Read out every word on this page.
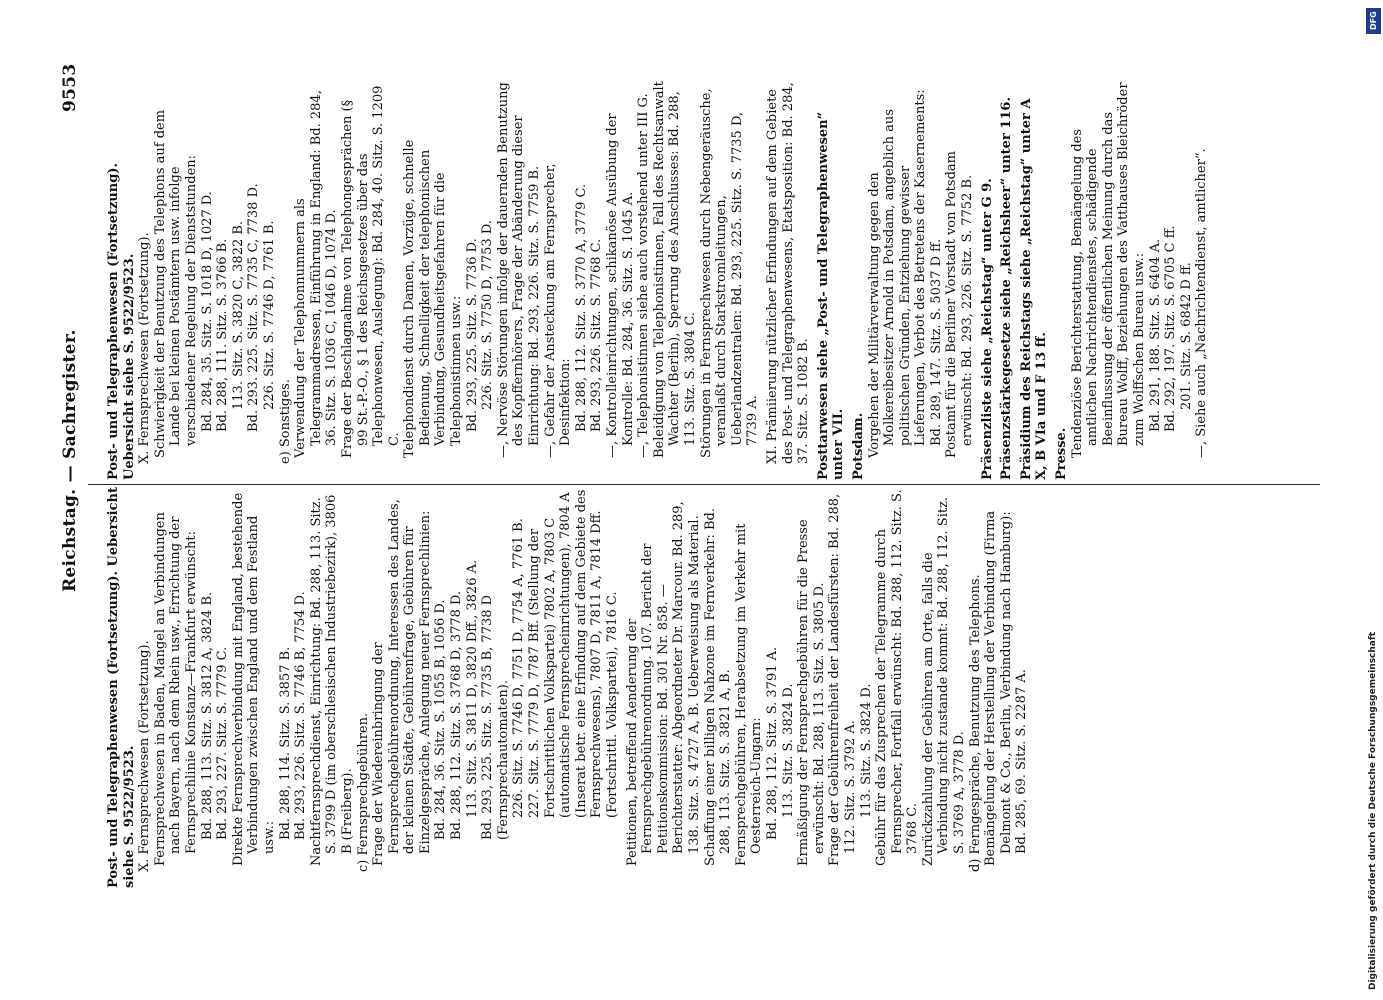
Reichstag. — Sachregister.
9553
Post- und Telegraphenwesen (Fortsetzung). Uebersicht siehe S. 9522/9523. X. Fernsprechwesen (Fortsetzung). Fernsprechwesen in Baden, Mangel an Verbindungen nach Bayern, nach dem Rhein usw., Errichtung der Fernsprechlinie Konstanz—Frankfurt erwünscht: Bd. 288, 113. Sitz. S. 3812 A, 3824 B. Bd. 293, 227. Sitz. S. 7779 C. Direkte Fernsprechverbindung mit England, bestehende Verbindungen zwischen England und dem Festland usw.: Bd. 288, 114. Sitz. S. 3857 B. Bd. 293, 226. Sitz. S. 7746 B, 7754 D. Nachtfernsprechdienst, Einrichtung: Bd. 288, 113. Sitz. S. 3799 D (im oberschlesischen Industriebezirk), 3806 B (Freiberg). c) Fernsprechgebühren. Frage der Wiedereinbringung der Fernsprechgebührenordnung, Interessen des Landes, der kleinen Städte, Gebührenfrage, Gebühren für Einzelgespräche, Anlegung neuer Fernsprechlinien: Bd. 284, 36. Sitz. S. 1055 B, 1056 D. Bd. 288, 112. Sitz. S. 3768 D, 3778 D. 113. Sitz. S. 3811 D, 3820 Dff., 3826 A. Bd. 293, 225. Sitz. S. 7735 B, 7738 D (Fernsprechautomaten). 226. Sitz. S. 7746 D, 7751 D, 7754 A, 7761 B. 227. Sitz. S. 7779 D, 7787 Bff. (Stellung der Fortschrittlichen Volkspartei) 7802 A, 7803 C (automatische Fernsprecheinrichtungen), 7804 A (Inserat betr. eine Erfindung auf dem Gebiete des Fernsprechwesens), 7807 D, 7811 A, 7814 Dff. (Fortschrittl. Volkspartei), 7816 C. Petitionen, betreffend Aenderung der Fernsprechgebührenordnung. 107. Bericht der Petitionskommission: Bd. 301 Nr. 858. — Berichterstatter: Abgeordneter Dr. Marcour. Bd. 289, 138. Sitz. S. 4727 A, B. Ueberweisung als Material. Schaffung einer billigen Nahzone im Fernverkehr: Bd. 288, 113. Sitz. S. 3821 A, B. Fernsprechgebühren, Herabsetzung im Verkehr mit Oesterreich-Ungarn: Bd. 288, 112. Sitz. S. 3791 A. 113. Sitz. S. 3824 D. Ermäßigung der Fernsprechgebühren für die Presse erwünscht: Bd. 288, 113. Sitz. S. 3805 D. Frage der Gebührenfreiheit der Landesfürsten: Bd. 288, 112. Sitz. S. 3792 A. 113. Sitz. S. 3824 D. Gebühr für das Zusprechen der Telegramme durch Fernsprecher, Fortfall erwünscht: Bd. 288, 112. Sitz. S. 3768 C. Zurückzahlung der Gebühren am Orte, falls die Verbindung nicht zustande kommt: Bd. 288, 112. Sitz. S. 3769 A, 3778 D. d) Ferngespräche, Benutzung des Telephons. Bemängelung der Herstellung der Verbindung (Firma Delmont & Co., Berlin, Verbindung nach Hamburg): Bd. 285, 69. Sitz. S. 2287 A.
Post- und Telegraphenwesen (Fortsetzung). Uebersicht siehe S. 9522/9523. X. Fernsprechwesen (Fortsetzung). Schwierigkeit der Benutzung des Telephons auf dem Lande bei kleinen Postämtern usw. infolge verschiedener Regelung der Dienststunden: Bd. 284, 35. Sitz. S. 1018 D, 1027 D. Bd. 288, 111. Sitz. S. 3766 B. 113. Sitz. S. 3820 C, 3822 B. Bd. 293. 225. Sitz. S. 7735 C, 7738 D. 226. Sitz. S. 7746 D, 7761 B.
e) Sonstiges. Verwendung der Telephonnummern als Telegrammadressen, Einführung in England: Bd. 284, 36. Sitz. S. 1036 C, 1046 D, 1074 D. Frage der Beschlagnahme von Telephongesprächen (§ 99 St.-P.-O., § 1 des Reichsgesetzes über das Telephonwesen, Auslegung): Bd. 284, 40. Sitz. S. 1209 C. Telephondienst durch Damen, Vorzüge, schnelle Bedienung, Schnelligkeit der telephonischen Verbindung, Gesundheitsgefahren für die Telephonistinnen usw.: Bd. 293, 225. Sitz. S. 7736 D. 226. Sitz. S. 7750 D, 7753 D. —, Nervöse Störungen infolge der dauernden Benutzung des Kopffernhörers, Frage der Abänderung dieser Einrichtung: Bd. 293, 226. Sitz. S. 7759 B. —, Gefahr der Ansteckung am Fernsprecher, Desinfektion: Bd. 288, 112. Sitz. S. 3770 A, 3779 C. Bd. 293, 226. Sitz. S. 7768 C. —, Kontrolleinrichtungen, schikanöse Ausübung der Kontrolle: Bd. 284, 36. Sitz. S. 1045 A. —, Telephonistinnen siehe auch vorstehend unter III G. Beleidigung von Telephonistinnen, Fall des Rechtsanwalt Wachter (Berlin), Sperrung des Anschlusses: Bd. 288, 113. Sitz. S. 3804 C. Störungen in Fernsprechwesen durch Nebengeräusche, veranlaßt durch Starkstromleitungen, Ueberlandzentralen: Bd. 293, 225. Sitz. S. 7735 D, 7739 A. XI. Prämiierung nützlicher Erfindungen auf dem Gebiete des Post- und Telegraphenwesens, Etatsposition: Bd. 284, 37. Sitz. S. 1082 B. Posttarwesen siehe „Post- und Telegraphenwesen“ unter VII. Potsdam. Vorgehen der Militärverwaltung gegen den Molkereibesitzer Arnold in Potsdam, angeblich aus politischen Gründen, Entziehung gewisser Lieferungen, Verbot des Betretens der Kasernements: Bd. 289, 147. Sitz. S. 5037 D ff. Postamt für die Berliner Vorstadt von Potsdam erwünscht: Bd. 293, 226. Sitz. S. 7752 B. Präsenzliste siehe „Reichstag“ unter G 9. Präsenzstärkegesetze siehe „Reichsheer“ unter 116. Präsidium des Reichstags siehe „Reichstag“ unter A X, B VIa und F 13 ff. Presse. Tendenziöse Berichterstattung, Bemängelung des amtlichen Nachrichtendienstes, schädigende Beeinflussung der öffentlichen Meinung durch das Bureau Wolff, Beziehungen des Vatthauses Bleichröder zum Wolffschen Bureau usw.: Bd. 291, 188. Sitz. S. 6404 A. Bd. 292, 197. Sitz. S. 6705 C ff. 201. Sitz. S. 6842 D ff. —, Siehe auch „Nachrichtendienst, amtlicher“.
Digitalisierung gefördert durch die Deutsche Forschungsgemeinschaft
DFG
